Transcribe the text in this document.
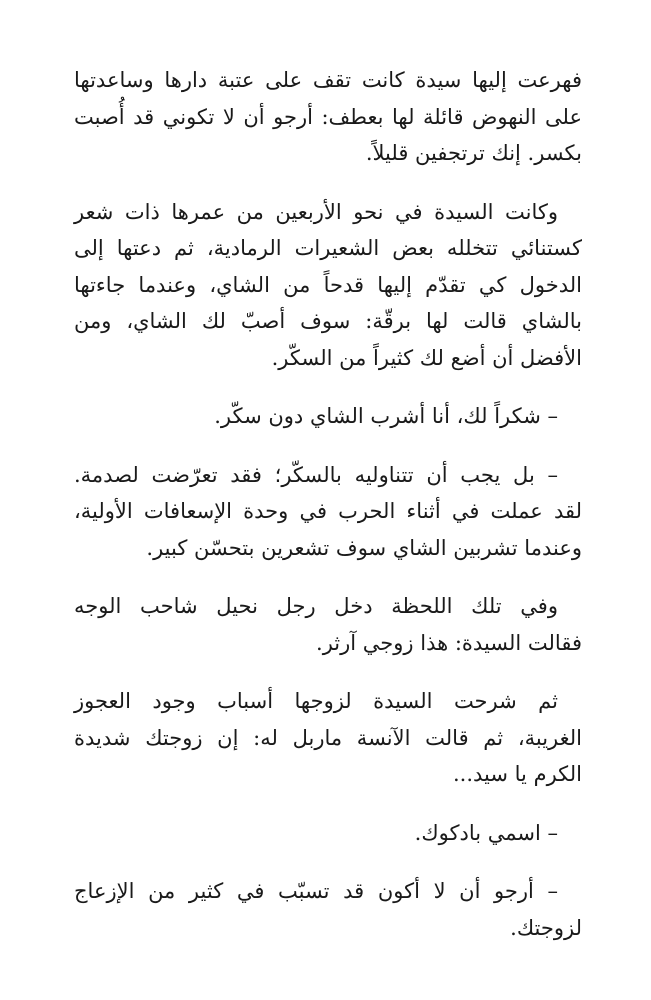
فهرعت إليها سيدة كانت تقف على عتبة دارها وساعدتها
على النهوض قائلة لها بعطف: أرجو أن لا تكوني قد أُصبت
بكسر. إنك ترتجفين قليلاً.

وكانت السيدة في نحو الأربعين من عمرها ذات شعر
كستنائي تتخلله بعض الشعيرات الرمادية، ثم دعتها إلى
الدخول كي تقدّم إليها قدحاً من الشاي، وعندما جاءتها
بالشاي قالت لها برقّة: سوف أصبّ لك الشاي، ومن
الأفضل أن أضع لك كثيراً من السكّر.

– شكراً لك، أنا أشرب الشاي دون سكّر.

– بل يجب أن تتناوليه بالسكّر؛ فقد تعرّضت لصدمة.
لقد عملت في أثناء الحرب في وحدة الإسعافات الأولية،
وعندما تشربين الشاي سوف تشعرين بتحسّن كبير.

وفي تلك اللحظة دخل رجل نحيل شاحب الوجه
فقالت السيدة: هذا زوجي آرثر.

ثم شرحت السيدة لزوجها أسباب وجود العجوز
الغريبة، ثم قالت الآنسة ماربل له: إن زوجتك شديدة
الكرم يا سيد...

– اسمي بادكوك.

– أرجو أن لا أكون قد تسبّب في كثير من الإزعاج
لزوجتك.
